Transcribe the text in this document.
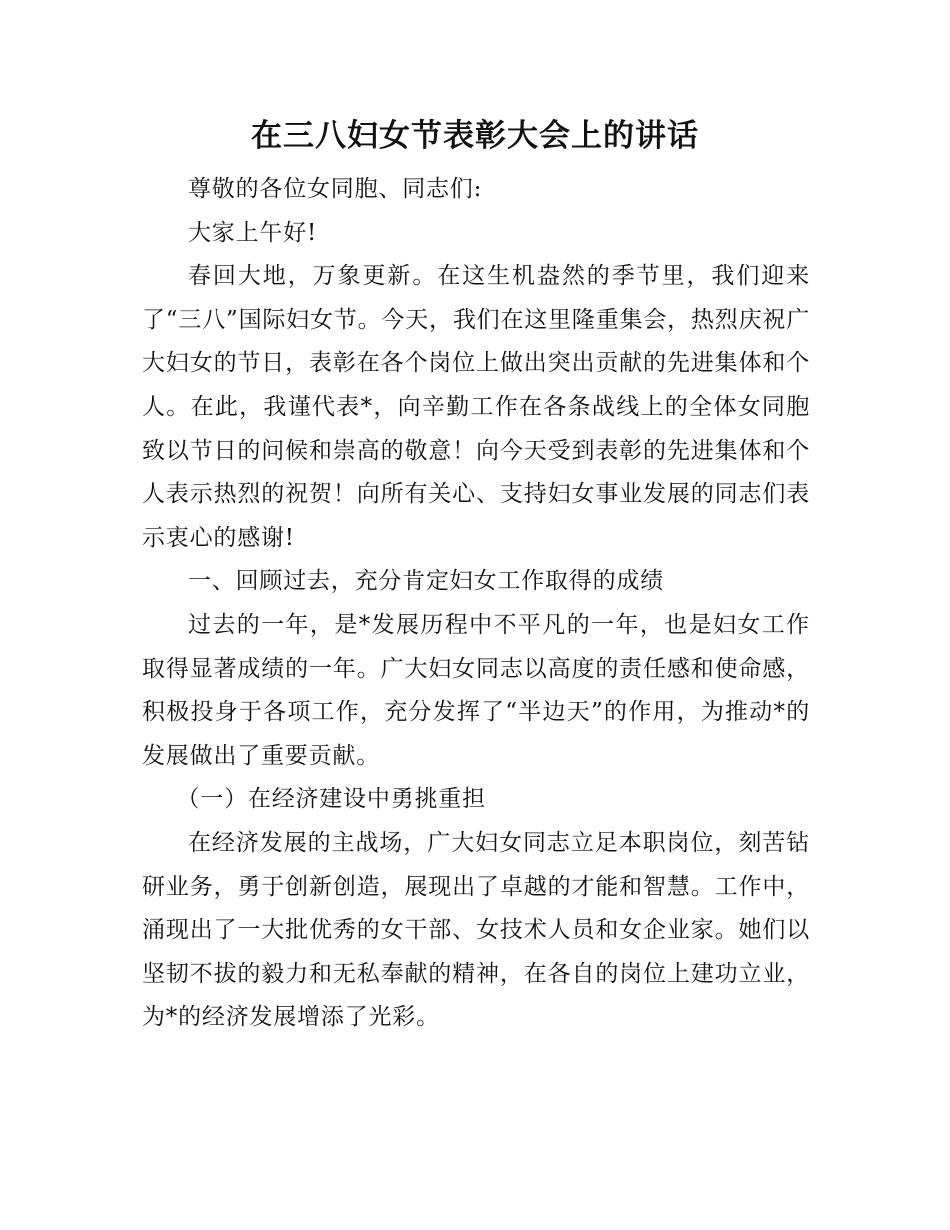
在三八妇女节表彰大会上的讲话

尊敬的各位女同胞、同志们:

大家上午好!

春回大地，万象更新。在这生机盎然的季节里，我们迎来了“三八”国际妇女节。今天，我们在这里隆重集会，热烈庆祝广大妇女的节日，表彰在各个岗位上做出突出贡献的先进集体和个人。在此，我谨代表*，向辛勤工作在各条战线上的全体女同胞致以节日的问候和崇高的敬意！向今天受到表彰的先进集体和个人表示热烈的祝贺！向所有关心、支持妇女事业发展的同志们表示衷心的感谢!

一、回顾过去，充分肯定妇女工作取得的成绩

过去的一年，是*发展历程中不平凡的一年，也是妇女工作取得显著成绩的一年。广大妇女同志以高度的责任感和使命感，积极投身于各项工作，充分发挥了“半边天”的作用，为推动*的发展做出了重要贡献。

（一）在经济建设中勇挑重担

在经济发展的主战场，广大妇女同志立足本职岗位，刻苦钻研业务，勇于创新创造，展现出了卓越的才能和智慧。工作中，涌现出了一大批优秀的女干部、女技术人员和女企业家。她们以坚韧不拔的毅力和无私奉献的精神，在各自的岗位上建功立业，为*的经济发展增添了光彩。
